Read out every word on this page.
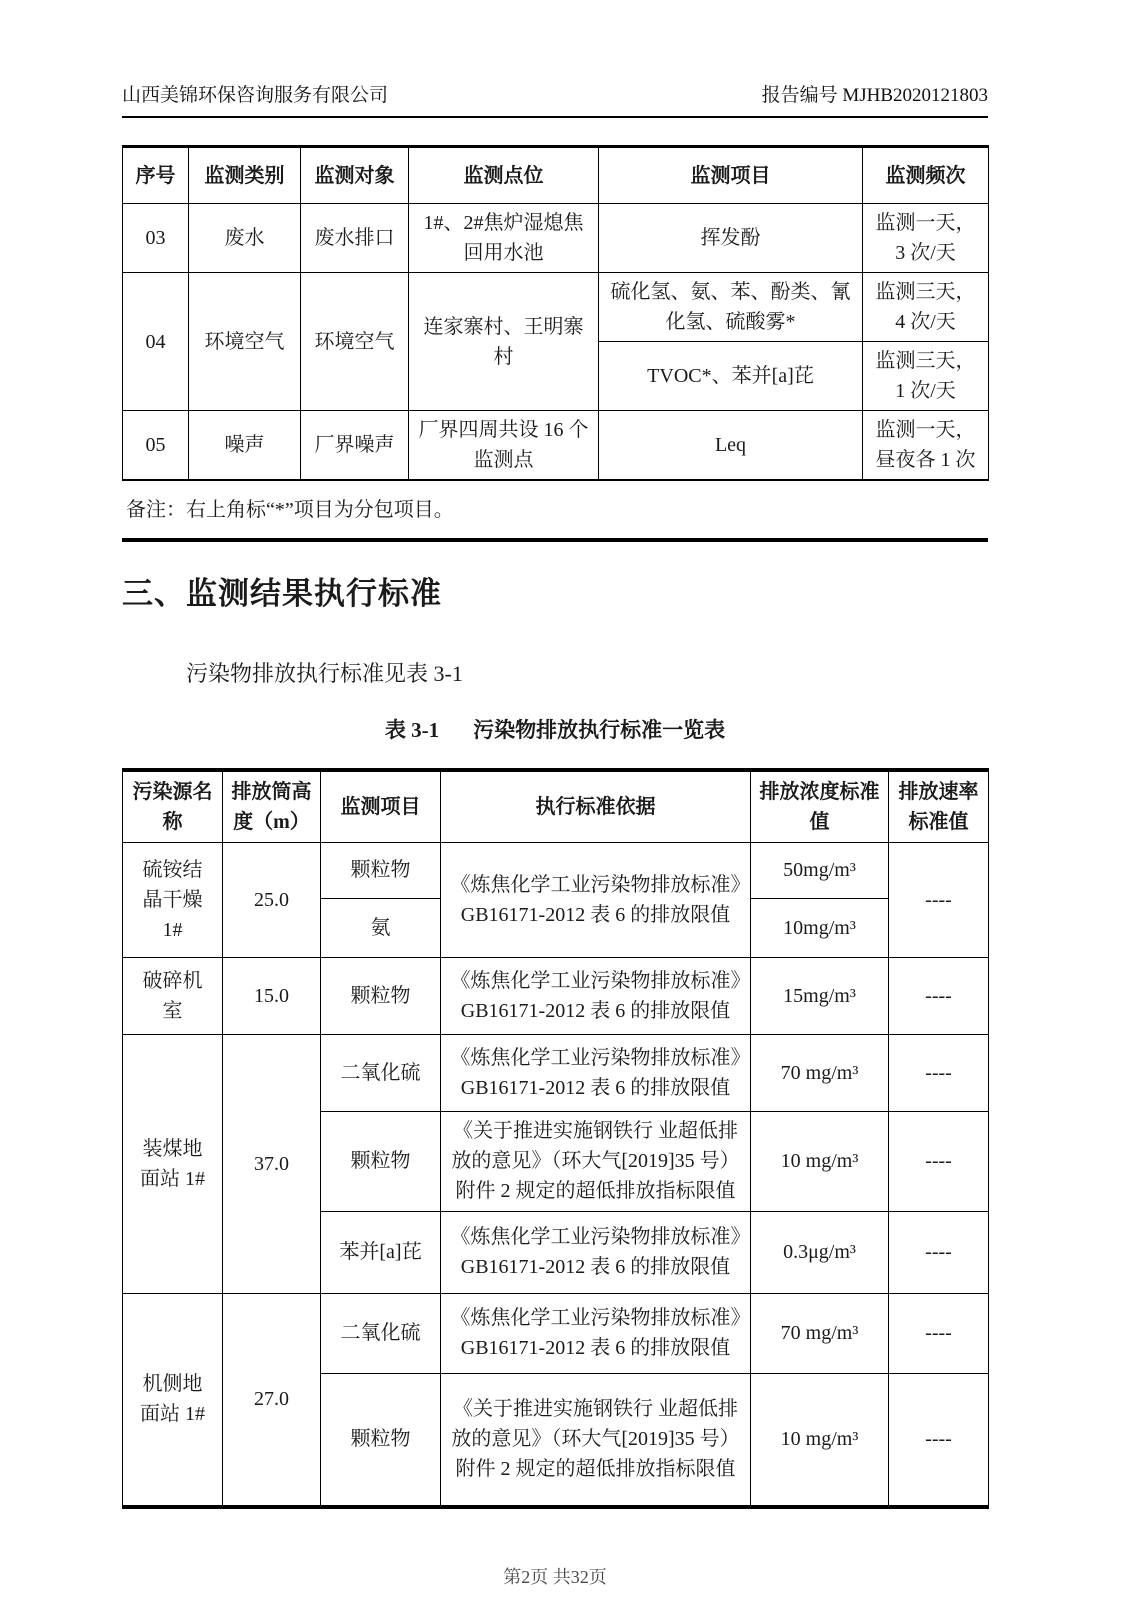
山西美锦环保咨询服务有限公司	报告编号 MJHB2020121803
序号	监测类别	监测对象	监测点位	监测项目	监测频次
03	废水	废水排口	1#、2#焦炉湿熄焦回用水池	挥发酚	监测一天，3 次/天
04	环境空气	环境空气	连家寨村、王明寨村	硫化氢、氨、苯、酚类、氰化氢、硫酸雾*	监测三天，4 次/天
				TVOC*、苯并[a]芘	监测三天，1 次/天
05	噪声	厂界噪声	厂界四周共设 16 个监测点	Leq	监测一天，昼夜各 1 次
备注：右上角标“*”项目为分包项目。
三、监测结果执行标准

污染物排放执行标准见表 3-1

表 3-1 污染物排放执行标准一览表

污染源名称	排放筒高度（m）	监测项目	执行标准依据	排放浓度标准值	排放速率标准值
硫铵结晶干燥 1#	25.0	颗粒物	《炼焦化学工业污染物排放标准》GB16171-2012 表 6 的排放限值	50mg/m³	----
		氨		10mg/m³	
破碎机室	15.0	颗粒物	《炼焦化学工业污染物排放标准》GB16171-2012 表 6 的排放限值	15mg/m³	----
装煤地面站 1#	37.0	二氧化硫	《炼焦化学工业污染物排放标准》GB16171-2012 表 6 的排放限值	70 mg/m³	----
		颗粒物	《关于推进实施钢铁行 业超低排放的意见》（环大气[2019]35 号）附件 2 规定的超低排放指标限值	10 mg/m³	----
		苯并[a]芘	《炼焦化学工业污染物排放标准》GB16171-2012 表 6 的排放限值	0.3μg/m³	----
机侧地面站 1#	27.0	二氧化硫	《炼焦化学工业污染物排放标准》GB16171-2012 表 6 的排放限值	70 mg/m³	----
		颗粒物	《关于推进实施钢铁行 业超低排放的意见》（环大气[2019]35 号）附件 2 规定的超低排放指标限值	10 mg/m³	----
第2页 共32页
